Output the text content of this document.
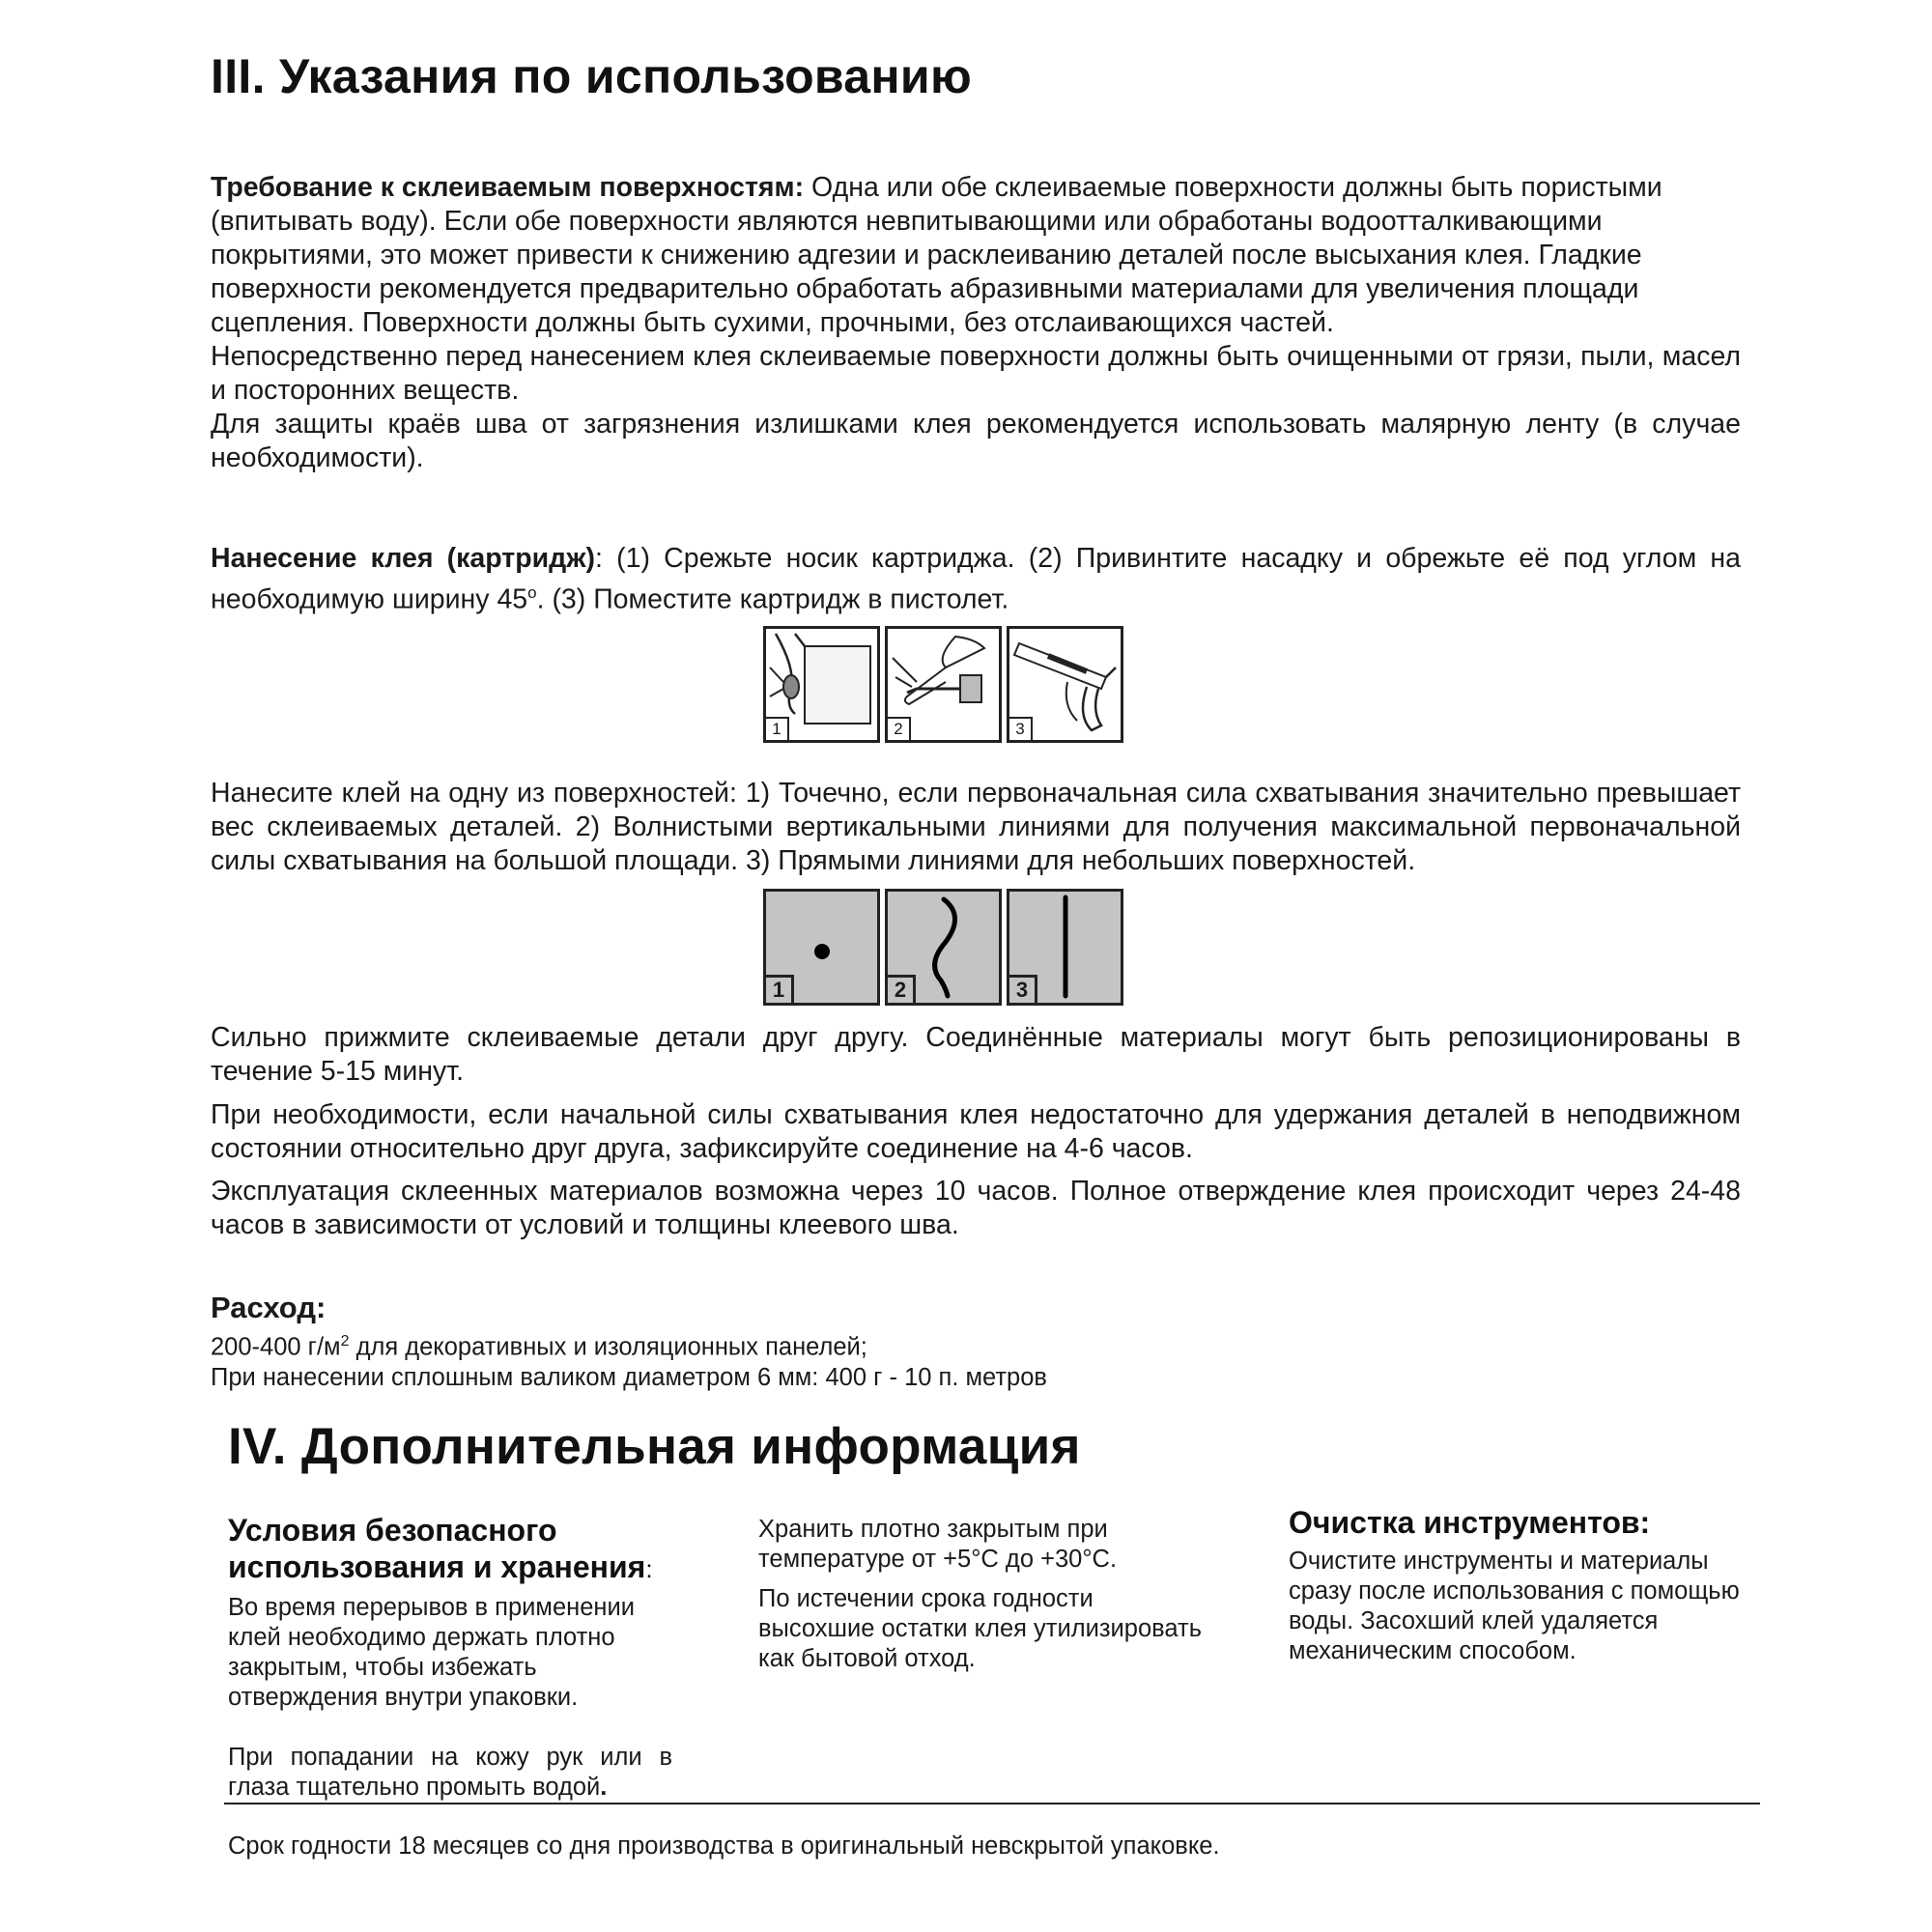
III. Указания по использованию

Требование к склеиваемым поверхностям: Одна или обе склеиваемые поверхности должны быть пористыми (впитывать воду). Если обе поверхности являются невпитывающими или обработаны водоотталкивающими покрытиями, это может привести к снижению адгезии и расклеиванию деталей после высыхания клея. Гладкие поверхности рекомендуется предварительно обработать абразивными материалами для увеличения площади сцепления. Поверхности должны быть сухими, прочными, без отслаивающихся частей.

Непосредственно перед нанесением клея склеиваемые поверхности должны быть очищенными от грязи, пыли, масел и посторонних веществ.

Для защиты краёв шва от загрязнения излишками клея рекомендуется использовать малярную ленту (в случае необходимости).

Нанесение клея (картридж): (1) Срежьте носик картриджа. (2) Привинтите насадку и обрежьте её под углом на необходимую ширину 45$^o$. (3) Поместите картридж в пистолет.

1	2	3

Нанесите клей на одну из поверхностей: 1) Точечно, если первоначальная сила схватывания значительно превышает вес склеиваемых деталей. 2) Волнистыми вертикальными линиями для получения максимальной первоначальной силы схватывания на большой площади. 3) Прямыми линиями для небольших поверхностей.

1	2	3

Сильно прижмите склеиваемые детали друг другу. Соединённые материалы могут быть репозиционированы в течение 5-15 минут.

При необходимости, если начальной силы схватывания клея недостаточно для удержания деталей в неподвижном состоянии относительно друг друга, зафиксируйте соединение на 4-6 часов.

Эксплуатация склеенных материалов возможна через 10 часов. Полное отверждение клея происходит через 24-48 часов в зависимости от условий и толщины клеевого шва.

Расход:

200-400 $г/м^2$ для декоративных и изоляционных панелей;

При нанесении сплошным валиком диаметром 6 мм: 400 г - 10 п. метров

IV. Дополнительная информация
Условия безопасного использования и хранения:

Во время перерывов в применении клей необходимо держать плотно закрытым, чтобы избежать отверждения внутри упаковки.

При попадании на кожу рук или в глаза тщательно промыть водой.

Хранить плотно закрытым при температуре от +5°C до +30°C.

По истечении срока годности высохшие остатки клея утилизировать как бытовой отход.

Очистка инструментов:

Очистите инструменты и материалы сразу после использования с помощью воды. Засохший клей удаляется механическим способом.

Срок годности 18 месяцев со дня производства в оригинальный невскрытой упаковке.
